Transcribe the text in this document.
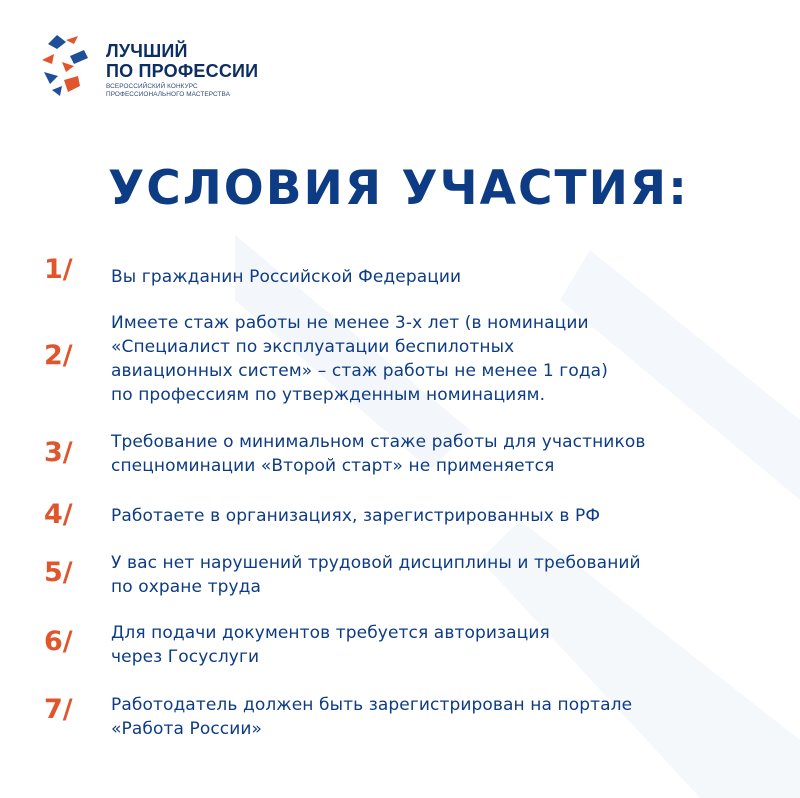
ЛУЧШИЙ
ПО ПРОФЕССИИ
ВСЕРОССИЙСКИЙ КОНКУРС
ПРОФЕССИОНАЛЬНОГО МАСТЕРСТВА
УСЛОВИЯ УЧАСТИЯ:
1/	Вы гражданин Российской Федерации
2/
Имеете стаж работы не менее 3-х лет (в номинации
«Специалист по эксплуатации беспилотных
авиационных систем» – стаж работы не менее 1 года)
по профессиям по утвержденным номинациям.
3/	Требование о минимальном стаже работы для участников
спецноминации «Второй старт» не применяется
4/	Работаете в организациях, зарегистрированных в РФ
5/	У вас нет нарушений трудовой дисциплины и требований
по охране труда
6/	Для подачи документов требуется авторизация
через Госуслуги
7/	Работодатель должен быть зарегистрирован на портале
«Работа России»
